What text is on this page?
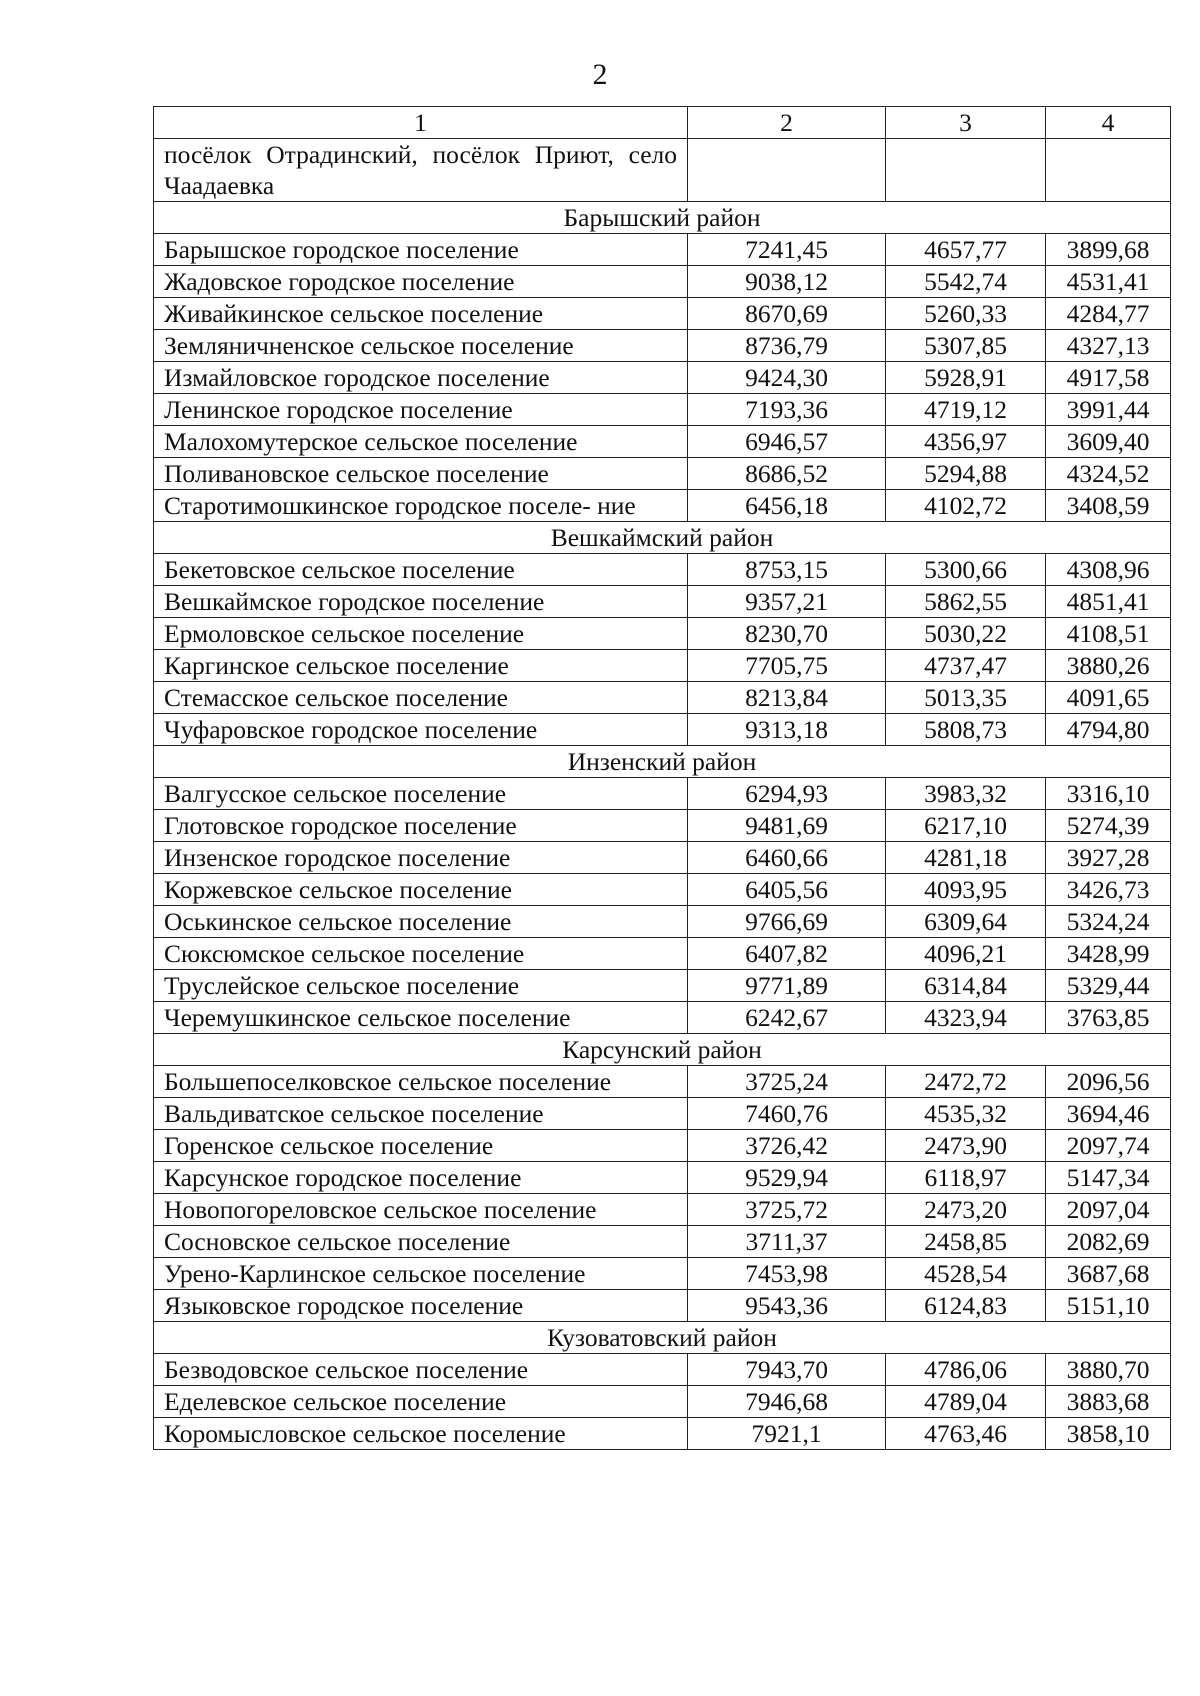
2
1	2	3	4
посёлок Отрадинский, посёлок Приют, село Чаадаевка			
Барышский район			
Барышское городское поселение	7241,45	4657,77	3899,68
Жадовское городское поселение	9038,12	5542,74	4531,41
Живайкинское сельское поселение	8670,69	5260,33	4284,77
Земляничненское сельское поселение	8736,79	5307,85	4327,13
Измайловское городское поселение	9424,30	5928,91	4917,58
Ленинское городское поселение	7193,36	4719,12	3991,44
Малохомутерское сельское поселение	6946,57	4356,97	3609,40
Поливановское сельское поселение	8686,52	5294,88	4324,52
Старотимошкинское городское поселе- ние	6456,18	4102,72	3408,59
Вешкаймский район			
Бекетовское сельское поселение	8753,15	5300,66	4308,96
Вешкаймское городское поселение	9357,21	5862,55	4851,41
Ермоловское сельское поселение	8230,70	5030,22	4108,51
Каргинское сельское поселение	7705,75	4737,47	3880,26
Стемасское сельское поселение	8213,84	5013,35	4091,65
Чуфаровское городское поселение	9313,18	5808,73	4794,80
Инзенский район			
Валгусское сельское поселение	6294,93	3983,32	3316,10
Глотовское городское поселение	9481,69	6217,10	5274,39
Инзенское городское поселение	6460,66	4281,18	3927,28
Коржевское сельское поселение	6405,56	4093,95	3426,73
Оськинское сельское поселение	9766,69	6309,64	5324,24
Сюксюмское сельское поселение	6407,82	4096,21	3428,99
Труслейское сельское поселение	9771,89	6314,84	5329,44
Черемушкинское сельское поселение	6242,67	4323,94	3763,85
Карсунский район			
Большепоселковское сельское поселение	3725,24	2472,72	2096,56
Вальдиватское сельское поселение	7460,76	4535,32	3694,46
Горенское сельское поселение	3726,42	2473,90	2097,74
Карсунское городское поселение	9529,94	6118,97	5147,34
Новопогореловское сельское поселение	3725,72	2473,20	2097,04
Сосновское сельское поселение	3711,37	2458,85	2082,69
Урено-Карлинское сельское поселение	7453,98	4528,54	3687,68
Языковское городское поселение	9543,36	6124,83	5151,10
Кузоватовский район			
Безводовское сельское поселение	7943,70	4786,06	3880,70
Еделевское сельское поселение	7946,68	4789,04	3883,68
Коромысловское сельское поселение	7921,1	4763,46	3858,10
